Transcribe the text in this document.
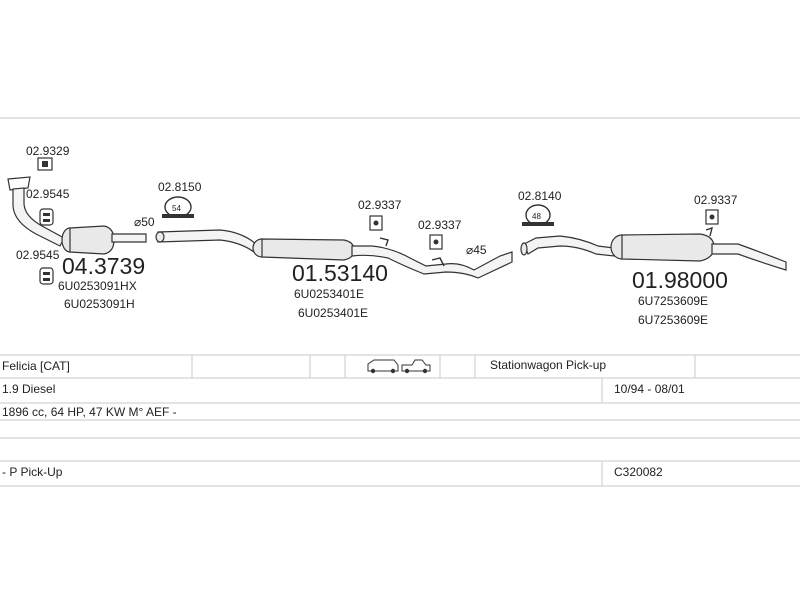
02.9329
02.9545
02.9545 04.3739
6U0253091HX
6U0253091H
02.8150
54
⌀50
02.9337
02.9337
⌀45
01.53140
6U0253401E
6U0253401E
02.8140
48
02.9337
01.98000
6U7253609E
6U7253609E
Felicia [CAT]	Stationwagon Pick-up
1.9 Diesel	10/94 - 08/01
1896 cc, 64 HP, 47 KW M° AEF -
- P Pick-Up	C320082
